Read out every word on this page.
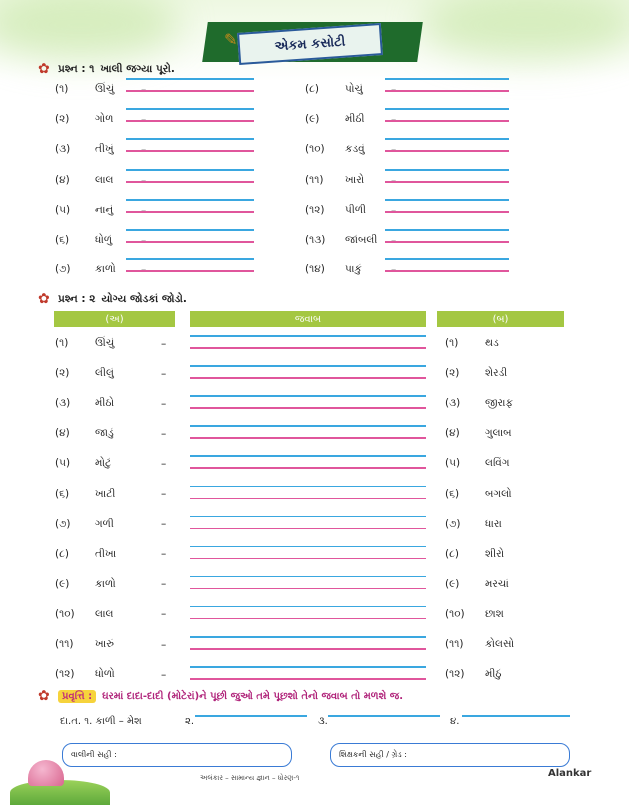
✎	એકમ કસોટી
✿ પ્રશ્ન : ૧ ખાલી જગ્યા પૂરો.
(૧)	ઊંચું
(૨)	ગોળ
(૩)	તીખું
(૪)	લાલ
(૫)	નાનું
(૬)	ધોળું
(૭)	કાળો
(૮)	પોચું
(૯)	મીઠી
(૧૦)	કડવું
(૧૧)	ખારો
(૧૨)	પીળી
(૧૩)	જાંબલી
(૧૪)	પાકું
✿ પ્રશ્ન : ૨ યોગ્ય જોડકાં જોડો.
(અ)	જવાબ	(બ)
(૧)	ઊંચું	–	(૧)	થડ
(૨)	લીલું	–	(૨)	શેરડી
(૩)	મીઠો	–	(૩)	જીરાફ
(૪)	જાડું	–	(૪)	ગુલાબ
(૫)	મોટું	–	(૫)	લવિંગ
(૬)	ખાટી	–	(૬)	બગલો
(૭)	ગળી	–	(૭)	ધારા
(૮)	તીખા	–	(૮)	શીરો
(૯)	કાળો	–	(૯)	મરચાં
(૧૦)	લાલ	–	(૧૦)	છાશ
(૧૧)	ખારું	–	(૧૧)	કોલસો
(૧૨)	ધોળો	–	(૧૨)	મીઠું
✿	પ્રવૃત્તિ :	ઘરમાં દાદા-દાદી (મોટેરાં)ને પૂછી જુઓ તમે પૂછશો તેનો જવાબ તો મળશે જ.
દા.ત. ૧. કાળી – મેશ	૨.	૩.	૪.
વાલીની સહી :	શિક્ષકની સહી / ગ્રેડ :
અલંકાર – સામાન્ય જ્ઞાન – ધોરણ-૧	Alankar
